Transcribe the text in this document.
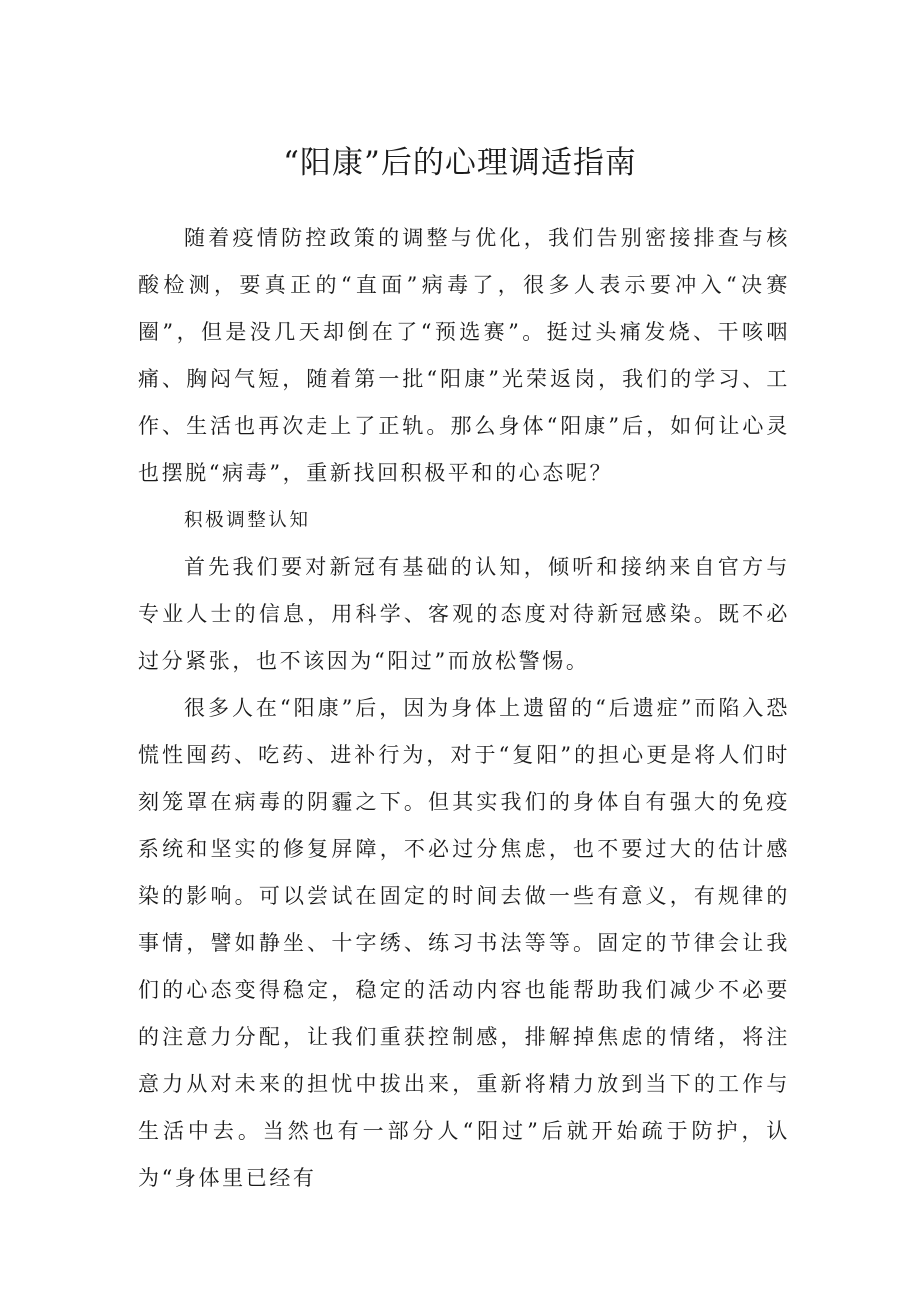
“阳康”后的心理调适指南

随着疫情防控政策的调整与优化，我们告别密接排查与核酸检测，要真正的“直面”病毒了，很多人表示要冲入“决赛圈”，但是没几天却倒在了“预选赛”。挺过头痛发烧、干咳咽痛、胸闷气短，随着第一批“阳康”光荣返岗，我们的学习、工作、生活也再次走上了正轨。那么身体“阳康”后，如何让心灵也摆脱“病毒”，重新找回积极平和的心态呢？

积极调整认知

首先我们要对新冠有基础的认知，倾听和接纳来自官方与专业人士的信息，用科学、客观的态度对待新冠感染。既不必过分紧张，也不该因为“阳过”而放松警惕。

很多人在“阳康”后，因为身体上遗留的“后遗症”而陷入恐慌性囤药、吃药、进补行为，对于“复阳”的担心更是将人们时刻笼罩在病毒的阴霾之下。但其实我们的身体自有强大的免疫系统和坚实的修复屏障，不必过分焦虑，也不要过大的估计感染的影响。可以尝试在固定的时间去做一些有意义，有规律的事情，譬如静坐、十字绣、练习书法等等。固定的节律会让我们的心态变得稳定，稳定的活动内容也能帮助我们减少不必要的注意力分配，让我们重获控制感，排解掉焦虑的情绪，将注意力从对未来的担忧中拔出来，重新将精力放到当下的工作与生活中去。当然也有一部分人“阳过”后就开始疏于防护，认为“身体里已经有
